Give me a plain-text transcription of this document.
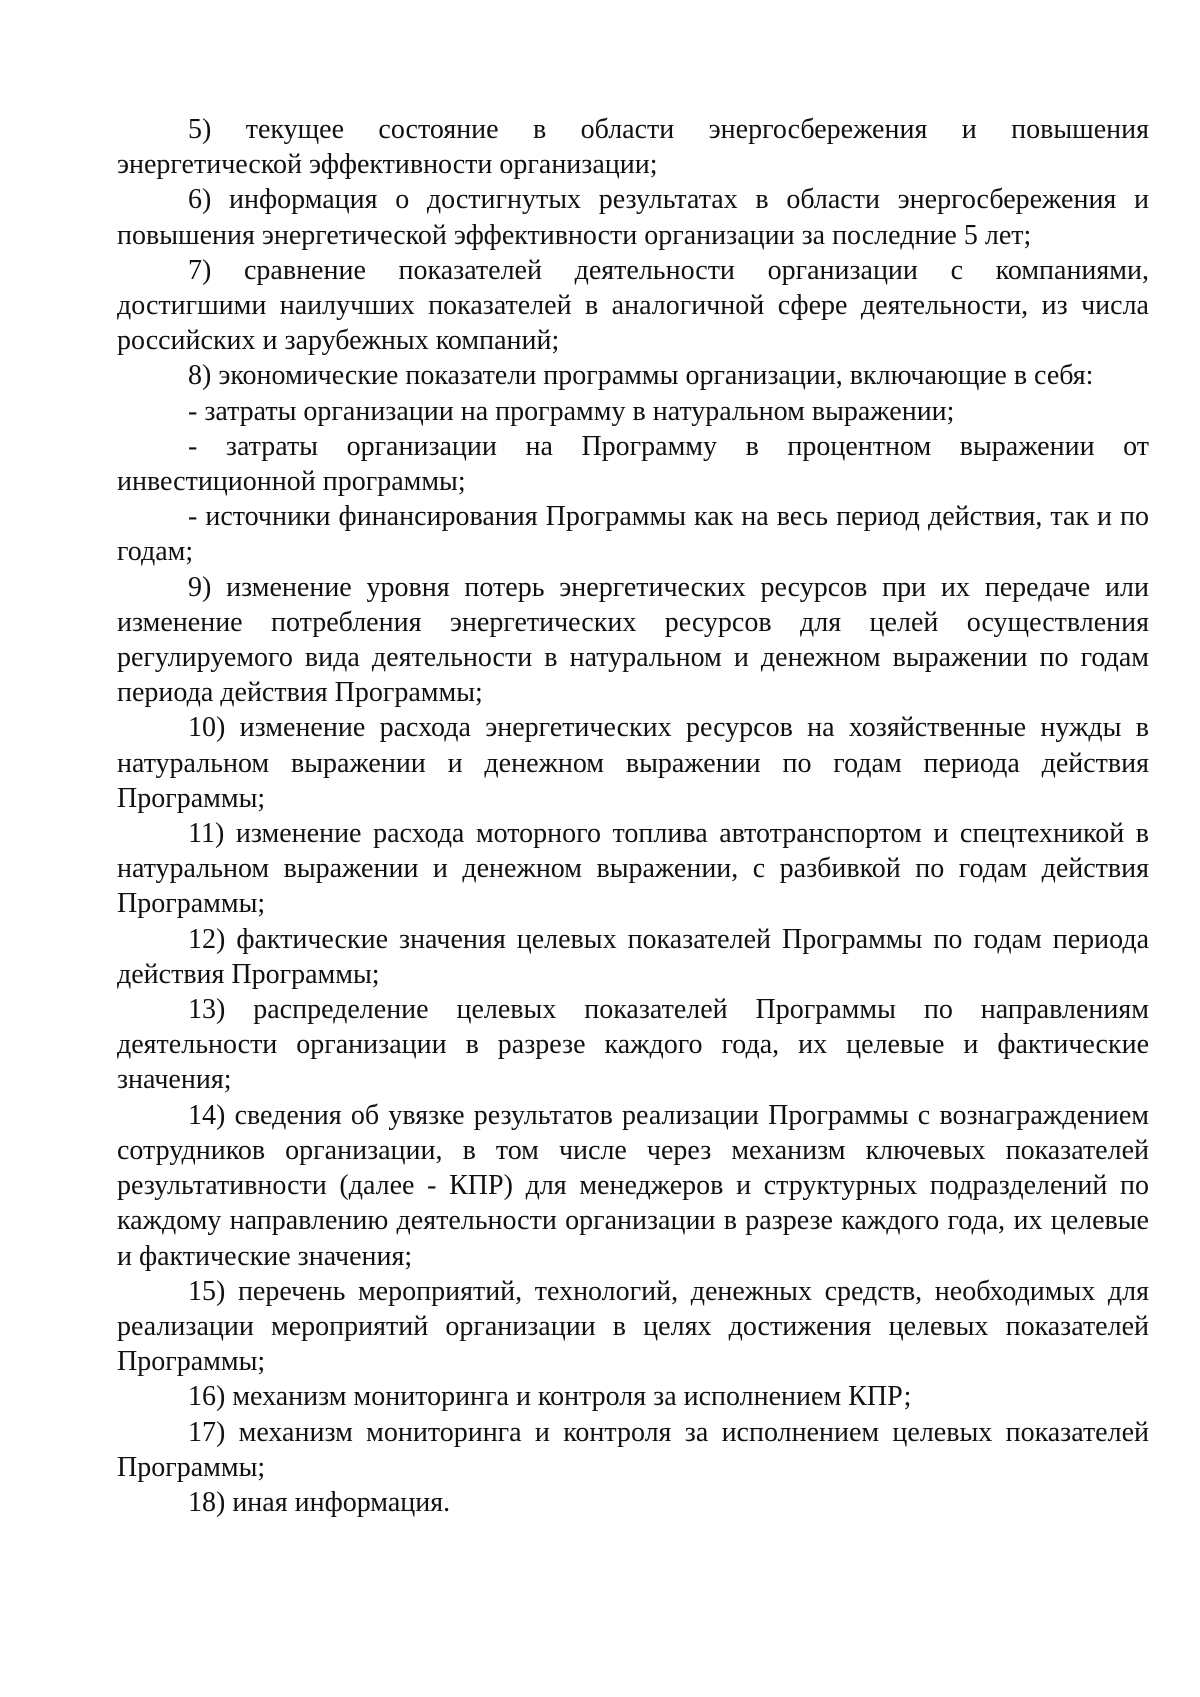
5) текущее состояние в области энергосбережения и повышения энергетической эффективности организации;

6) информация о достигнутых результатах в области энергосбережения и повышения энергетической эффективности организации за последние 5 лет;

7) сравнение показателей деятельности организации с компаниями, достигшими наилучших показателей в аналогичной сфере деятельности, из числа российских и зарубежных компаний;

8) экономические показатели программы организации, включающие в себя:

- затраты организации на программу в натуральном выражении;

- затраты организации на Программу в процентном выражении от инвестиционной программы;

- источники финансирования Программы как на весь период действия, так и по годам;

9) изменение уровня потерь энергетических ресурсов при их передаче или изменение потребления энергетических ресурсов для целей осуществления регулируемого вида деятельности в натуральном и денежном выражении по годам периода действия Программы;

10) изменение расхода энергетических ресурсов на хозяйственные нужды в натуральном выражении и денежном выражении по годам периода действия Программы;

11) изменение расхода моторного топлива автотранспортом и спецтехникой в натуральном выражении и денежном выражении, с разбивкой по годам действия Программы;

12) фактические значения целевых показателей Программы по годам периода действия Программы;

13) распределение целевых показателей Программы по направлениям деятельности организации в разрезе каждого года, их целевые и фактические значения;

14) сведения об увязке результатов реализации Программы с вознаграждением сотрудников организации, в том числе через механизм ключевых показателей результативности (далее - КПР) для менеджеров и структурных подразделений по каждому направлению деятельности организации в разрезе каждого года, их целевые и фактические значения;

15) перечень мероприятий, технологий, денежных средств, необходимых для реализации мероприятий организации в целях достижения целевых показателей Программы;

16) механизм мониторинга и контроля за исполнением КПР;

17) механизм мониторинга и контроля за исполнением целевых показателей Программы;

18) иная информация.
